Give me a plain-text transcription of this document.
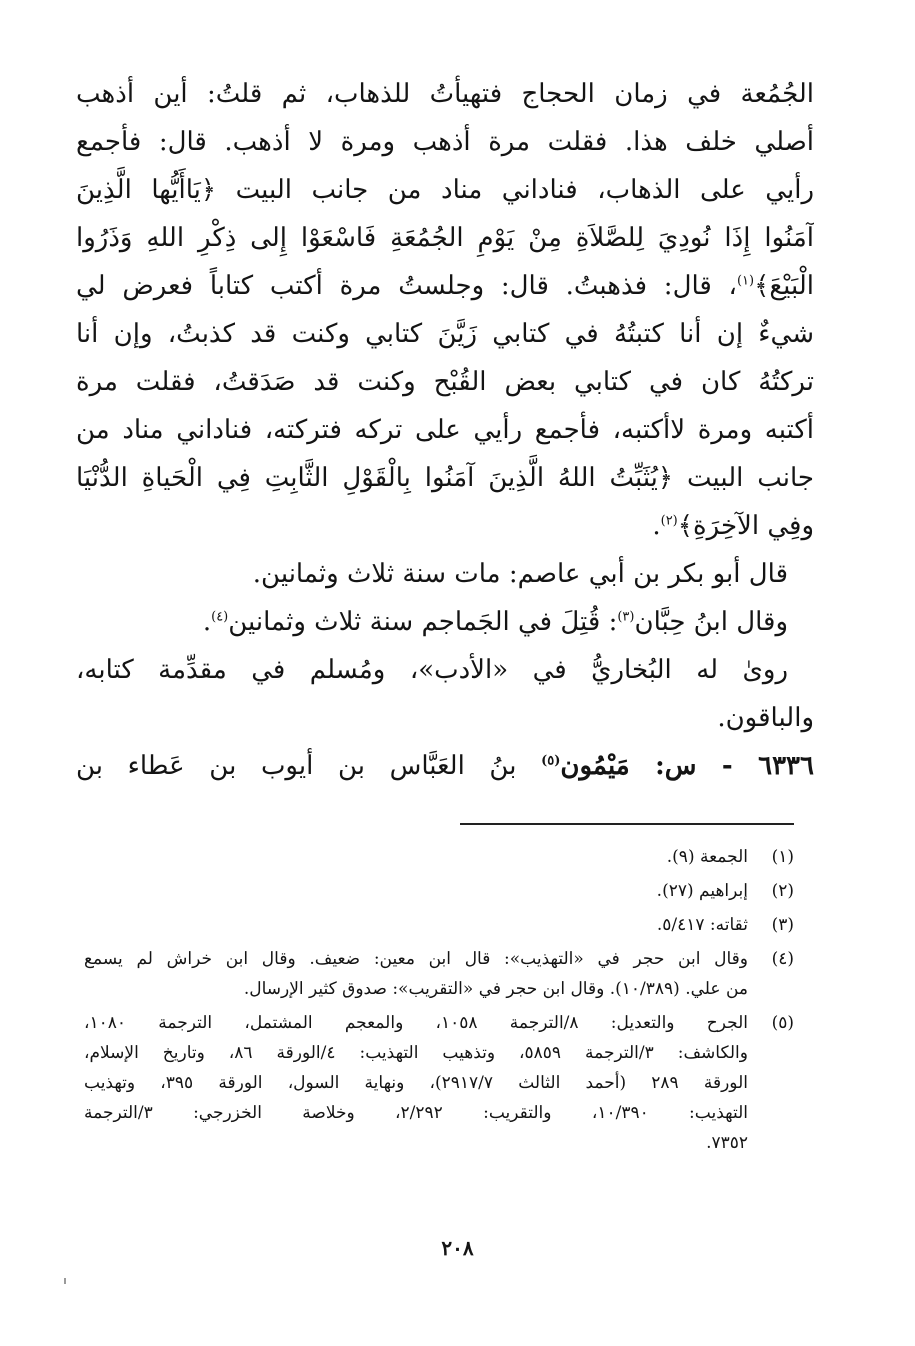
الجُمُعة في زمان الحجاج فتهيأتُ للذهاب، ثم قلتُ: أين أذهب
أصلي خلف هذا. فقلت مرة أذهب ومرة لا أذهب. قال: فأجمع
رأيي على الذهاب، فناداني مناد من جانب البيت ﴿يَاأَيُّها الَّذِينَ
آمَنُوا إِذَا نُودِيَ لِلصَّلاَةِ مِنْ يَوْمِ الجُمُعَةِ فَاسْعَوْا إِلى ذِكْرِ اللهِ وَذَرُوا
الْبَيْعَ﴾$^{(١)}$، قال: فذهبتُ. قال: وجلستُ مرة أكتب كتاباً فعرض لي
شيءٌ إن أنا كتبتُهُ في كتابي زَيَّنَ كتابي وكنت قد كذبتُ، وإن أنا
تركتُهُ كان في كتابي بعض القُبْح وكنت قد صَدَقتُ، فقلت مرة
أكتبه ومرة لاأكتبه، فأجمع رأيي على تركه فتركته، فناداني مناد من
جانب البيت ﴿يُثَبِّتُ اللهُ الَّذِينَ آمَنُوا بِالْقَوْلِ الثَّابِتِ فِي الْحَياةِ الدُّنْيَا
وفِي الآخِرَةِ﴾$^{(٢)}$.
قال أبو بكر بن أبي عاصم: مات سنة ثلاث وثمانين.
وقال ابنُ حِبَّان$^{(٣)}$: قُتِلَ في الجَماجم سنة ثلاث وثمانين$^{(٤)}$.
روىٰ له البُخاريُّ في «الأدب»، ومُسلم في مقدِّمة كتابه،
والباقون.
٦٣٣٦ - س: مَيْمُون$^{(٥)}$ بنُ العَبَّاس بن أيوب بن عَطاء بن
(١)
الجمعة (٩).
(٢)
إبراهيم (٢٧).
(٣)
ثقاته: ٥/٤١٧.
(٤)
وقال ابن حجر في «التهذيب»: قال ابن معين: ضعيف. وقال ابن خراش لم يسمع
من علي. (١٠/٣٨٩). وقال ابن حجر في «التقريب»: صدوق كثير الإرسال.
(٥)
الجرح والتعديل: ٨/الترجمة ١٠٥٨، والمعجم المشتمل، الترجمة ١٠٨٠،
والكاشف: ٣/الترجمة ٥٨٥٩، وتذهيب التهذيب: ٤/الورقة ٨٦، وتاريخ الإسلام،
الورقة ٢٨٩ (أحمد الثالث ٢٩١٧/٧)، ونهاية السول، الورقة ٣٩٥، وتهذيب
التهذيب: ١٠/٣٩٠، والتقريب: ٢/٢٩٢، وخلاصة الخزرجي: ٣/الترجمة
٧٣٥٢.
٢٠٨
